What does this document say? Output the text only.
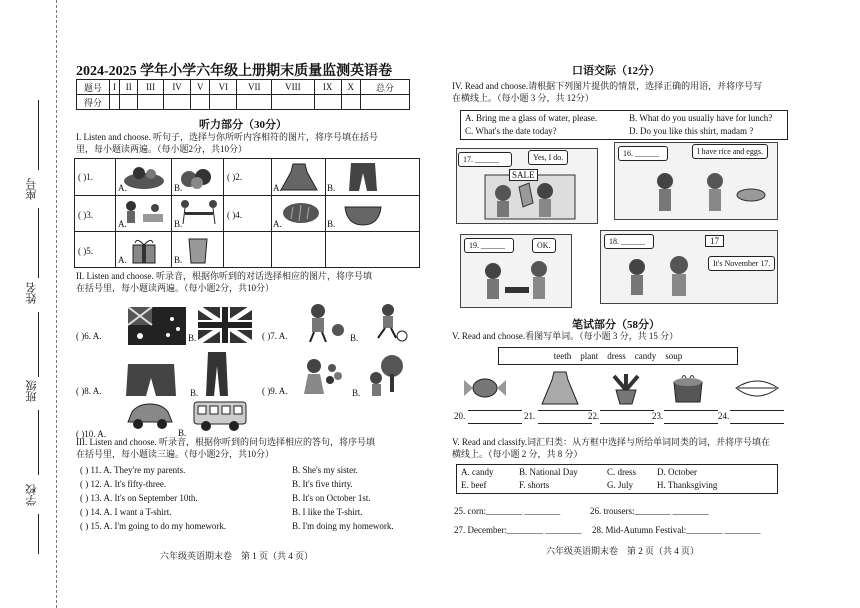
座号
姓名
班级
学校
2024-2025 学年小学六年级上册期末质量监测英语卷
题号	I	II	III	IV	V	VI	VII	VIII	IX	X	总分
得分											
听力部分（30分）
I. Listen and choose. 听句子，选择与你所听内容相符的图片，将序号填在括号
里，每小题读两遍。（每小题2分，共10分）
( )1.
A.	B.
( )2.
A.	B.
( )3.
A.	B.
( )4.
A.	B.
( )5.
A.	B.
II. Listen and choose. 听录音，根据你听到的对话选择相应的图片，将序号填
在括号里，每小题读两遍。（每小题2分，共10分）
( )6. A.	B.	( )7. A.	B.
( )8. A.	B.	( )9. A.	B.
( )10. A.	B.
III. Listen and choose. 听录音，根据你听到的问句选择相应的答句，将序号填
在括号里，每小题读三遍。（每小题2分，共10分）
( ) 11. A. They're my parents.	B. She's my sister.
( ) 12. A. It's fifty-three.	B. It's five thirty.
( ) 13. A. It's on September 10th.	B. It's on October 1st.
( ) 14. A. I want a T-shirt.	B. I like the T-shirt.
( ) 15. A. I'm going to do my homework.	B. I'm doing my homework.
六年级英语期末卷　第 1 页（共 4 页）
口语交际（12分）
IV. Read and choose.请根据下列图片提供的情景，选择正确的用语，并将序号写
在横线上。（每小题 3 分，共 12分）
A. Bring me a glass of water, please.	B. What do you usually have for lunch?
C. What's the date today?	D. Do you like this shirt, madam ?
SALE
17. ______	Yes, I do.	16. ______	I have rice and eggs.
19. ______	OK.	17
18. ______
It's November 17.
笔试部分（58分）
V. Read and choose.看图写单词。（每小题 3 分，共 15 分）
teeth    plant    dress    candy    soup
20.	21.	22.	23.	24.
V. Read and classify.词汇归类：从方框中选择与所给单词同类的词，并将序号填在
横线上。（每小题 2 分，共 8 分）
A. candy	B. National Day	C. dress D. October
E. beef	F. shorts	G. July	H. Thanksgiving
25. corn:________ ________	26. trousers:________ ________
27. December:________ ________ 28. Mid-Autumn Festival:________ ________
六年级英语期末卷　第 2 页（共 4 页）
